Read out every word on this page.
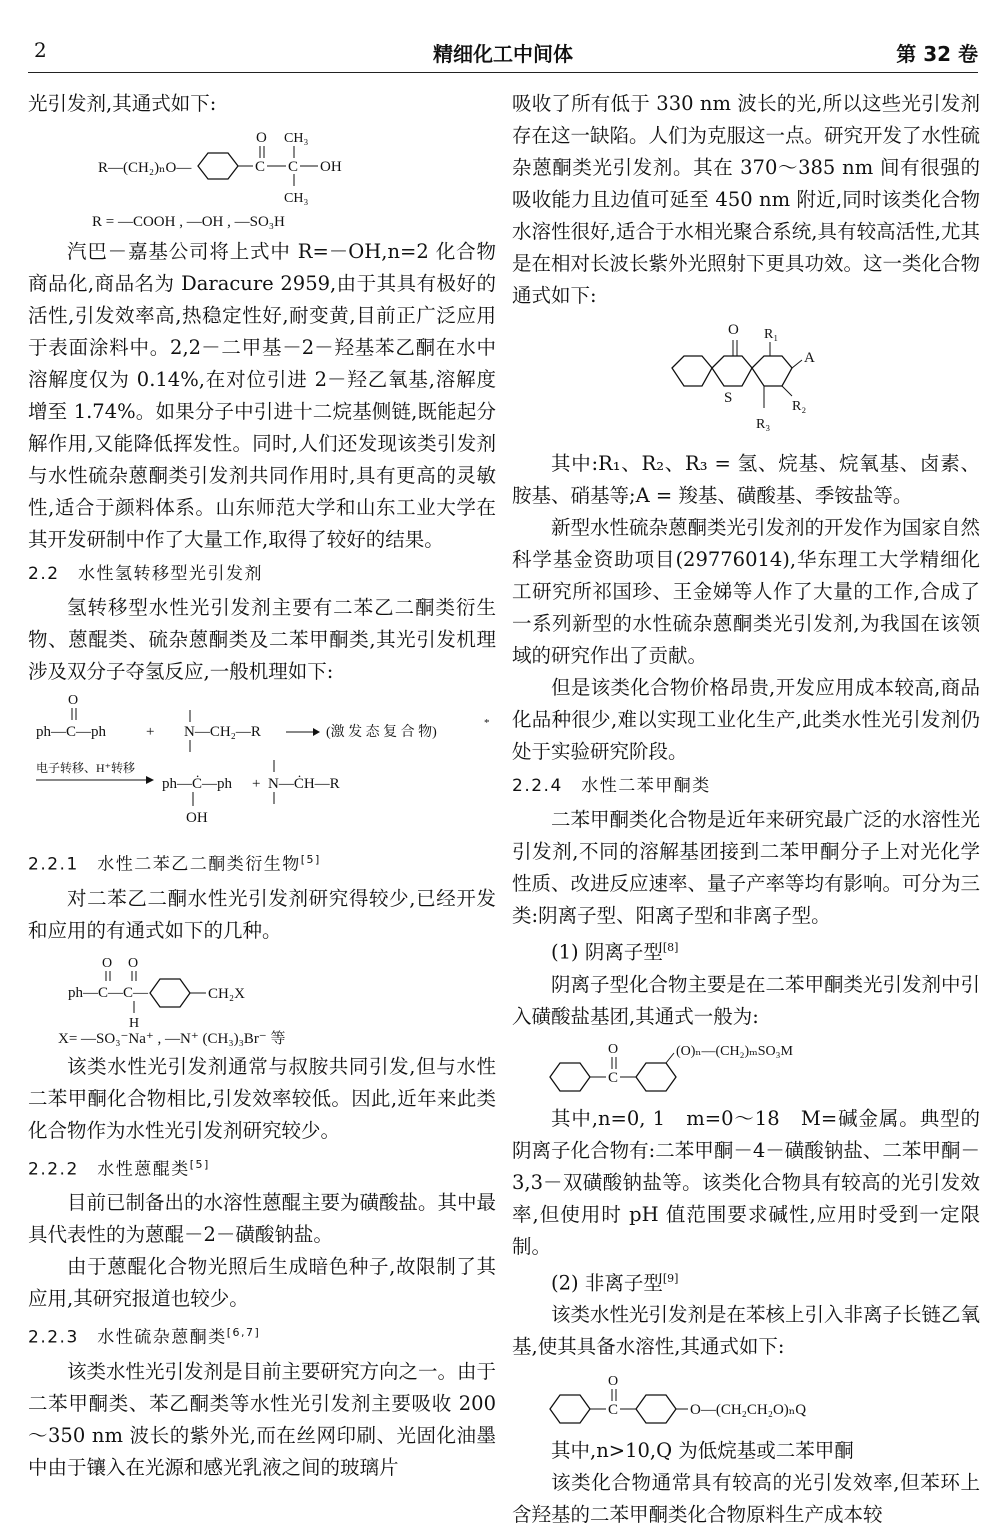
2	精细化工中间体	第 32 卷

光引发剂,其通式如下:

R—(CH₂)ₙO—	C
O
C
CH₃
CH₃
OH
R = —COOH , —OH , —SO₃H

汽巴－嘉基公司将上式中 R=－OH,n=2 化合物商品化,商品名为 Daracure 2959,由于其具有极好的活性,引发效率高,热稳定性好,耐变黄,目前正广泛应用于表面涂料中。2,2－二甲基－2－羟基苯乙酮在水中溶解度仅为 0.14%,在对位引进 2－羟乙氧基,溶解度增至 1.74%。如果分子中引进十二烷基侧链,既能起分解作用,又能降低挥发性。同时,人们还发现该类引发剂与水性硫杂蒽酮类引发剂共同作用时,具有更高的灵敏性,适合于颜料体系。山东师范大学和山东工业大学在其开发研制中作了大量工作,取得了较好的结果。

2.2　水性氢转移型光引发剂

氢转移型水性光引发剂主要有二苯乙二酮类衍生物、蒽醌类、硫杂蒽酮类及二苯甲酮类,其光引发机理涉及双分子夺氢反应,一般机理如下:

O
ph—C—ph	+ N—CH₂—R	(激 发 态 复 合 物)
*
电子转移、H⁺转移
ph—Ċ—ph
OH
+ N—ĊH—R
2.2.1　水性二苯乙二酮类衍生物[5]

对二苯乙二酮水性光引发剂研究得较少,已经开发和应用的有通式如下的几种。

O O
ph—C—C—
H
CH₂X
X= —SO₃⁻Na⁺ , —N⁺ (CH₃)₃Br⁻ 等

该类水性光引发剂通常与叔胺共同引发,但与水性二苯甲酮化合物相比,引发效率较低。因此,近年来此类化合物作为水性光引发剂研究较少。

2.2.2　水性蒽醌类[5]

目前已制备出的水溶性蒽醌主要为磺酸盐。其中最具代表性的为蒽醌－2－磺酸钠盐。

由于蒽醌化合物光照后生成暗色种子,故限制了其应用,其研究报道也较少。

2.2.3　水性硫杂蒽酮类[6,7]

该类水性光引发剂是目前主要研究方向之一。由于二苯甲酮类、苯乙酮类等水性光引发剂主要吸收 200～350 nm 波长的紫外光,而在丝网印刷、光固化油墨中由于镶入在光源和感光乳液之间的玻璃片

吸收了所有低于 330 nm 波长的光,所以这些光引发剂存在这一缺陷。人们为克服这一点。研究开发了水性硫杂蒽酮类光引发剂。其在 370～385 nm 间有很强的吸收能力且边值可延至 450 nm 附近,同时该类化合物水溶性很好,适合于水相光聚合系统,具有较高活性,尤其是在相对长波长紫外光照射下更具功效。这一类化合物通式如下:

O
S
R₁
A
R₂
R₃

其中:R₁、R₂、R₃ = 氢、烷基、烷氧基、卤素、胺基、硝基等;A = 羧基、磺酸基、季铵盐等。

新型水性硫杂蒽酮类光引发剂的开发作为国家自然科学基金资助项目(29776014),华东理工大学精细化工研究所祁国珍、王金娣等人作了大量的工作,合成了一系列新型的水性硫杂蒽酮类光引发剂,为我国在该领域的研究作出了贡献。

但是该类化合物价格昂贵,开发应用成本较高,商品化品种很少,难以实现工业化生产,此类水性光引发剂仍处于实验研究阶段。

2.2.4　水性二苯甲酮类

二苯甲酮类化合物是近年来研究最广泛的水溶性光引发剂,不同的溶解基团接到二苯甲酮分子上对光化学性质、改进反应速率、量子产率等均有影响。可分为三类:阴离子型、阳离子型和非离子型。

(1) 阴离子型[8]

阴离子型化合物主要是在二苯甲酮类光引发剂中引入磺酸盐基团,其通式一般为:

C
O	(O)ₙ—(CH₂)ₘSO₃M

其中,n=0, 1　m=0～18　M=碱金属。典型的阴离子化合物有:二苯甲酮－4－磺酸钠盐、二苯甲酮－3,3－双磺酸钠盐等。该类化合物具有较高的光引发效率,但使用时 pH 值范围要求碱性,应用时受到一定限制。

(2) 非离子型[9]

该类水性光引发剂是在苯核上引入非离子长链乙氧基,使其具备水溶性,其通式如下:

C
O
O—(CH₂CH₂O)ₙQ

其中,n>10,Q 为低烷基或二苯甲酮

该类化合物通常具有较高的光引发效率,但苯环上含羟基的二苯甲酮类化合物原料生产成本较
